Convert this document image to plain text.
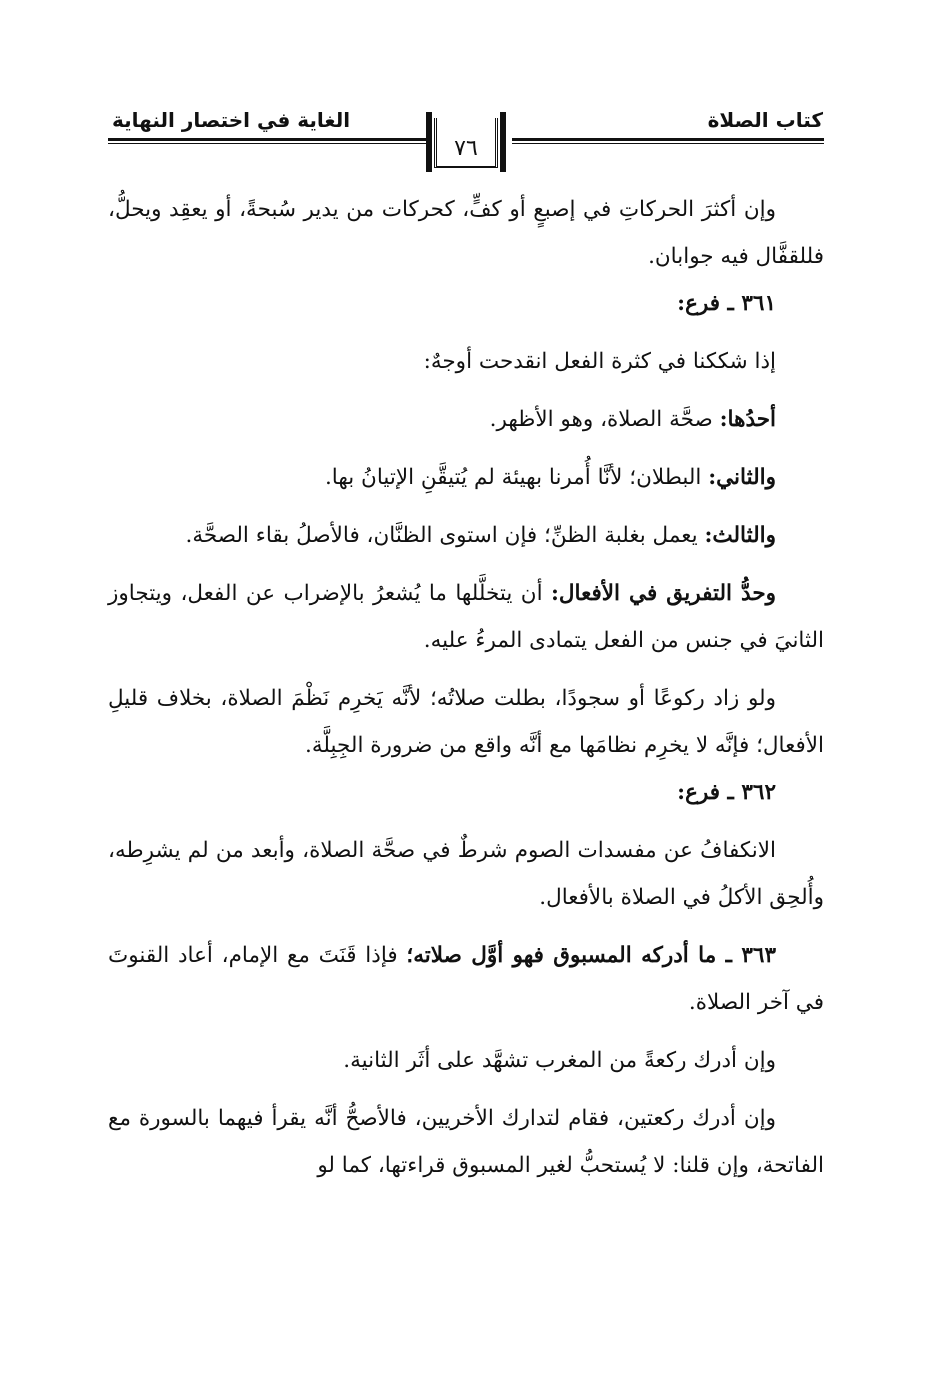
الغاية في اختصار النهاية	كتاب الصلاة
٧٦

وإن أكثرَ الحركاتِ في إصبعٍ أو كفٍّ، كحركات من يدير سُبحةً، أو يعقِد ويحلُّ، فللقفَّال فيه جوابان.

٣٦١ ـ فرع:

إذا شككنا في كثرة الفعل انقدحت أوجهٌ:

أحدُها: صحَّة الصلاة، وهو الأظهر.

والثاني: البطلان؛ لأنَّا أُمرنا بهيئة لم يُتيقَّنِ الإتيانُ بها.

والثالث: يعمل بغلبة الظنِّ؛ فإن استوى الظنَّان، فالأصلُ بقاء الصحَّة.

وحدُّ التفريق في الأفعال: أن يتخلَّلها ما يُشعرُ بالإضراب عن الفعل، ويتجاوز الثانيَ في جنس من الفعل يتمادى المرءُ عليه.

ولو زاد ركوعًا أو سجودًا، بطلت صلاتُه؛ لأنَّه يَخرِم نَظْمَ الصلاة، بخلاف قليلِ الأفعال؛ فإنَّه لا يخرِم نظامَها مع أنَّه واقع من ضرورة الجِبِلَّة.

٣٦٢ ـ فرع:

الانكفافُ عن مفسدات الصوم شرطٌ في صحَّة الصلاة، وأبعد من لم يشرِطه، وأُلحِق الأكلُ في الصلاة بالأفعال.

٣٦٣ ـ ما أدركه المسبوق فهو أوَّل صلاته؛ فإذا قَنَتَ مع الإمام، أعاد القنوتَ في آخر الصلاة.

وإن أدرك ركعةً من المغرب تشهَّد على أثَر الثانية.

وإن أدرك ركعتين، فقام لتدارك الأخريين، فالأصحُّ أنَّه يقرأ فيهما بالسورة مع الفاتحة، وإن قلنا: لا يُستحبُّ لغير المسبوق قراءتها، كما لو
